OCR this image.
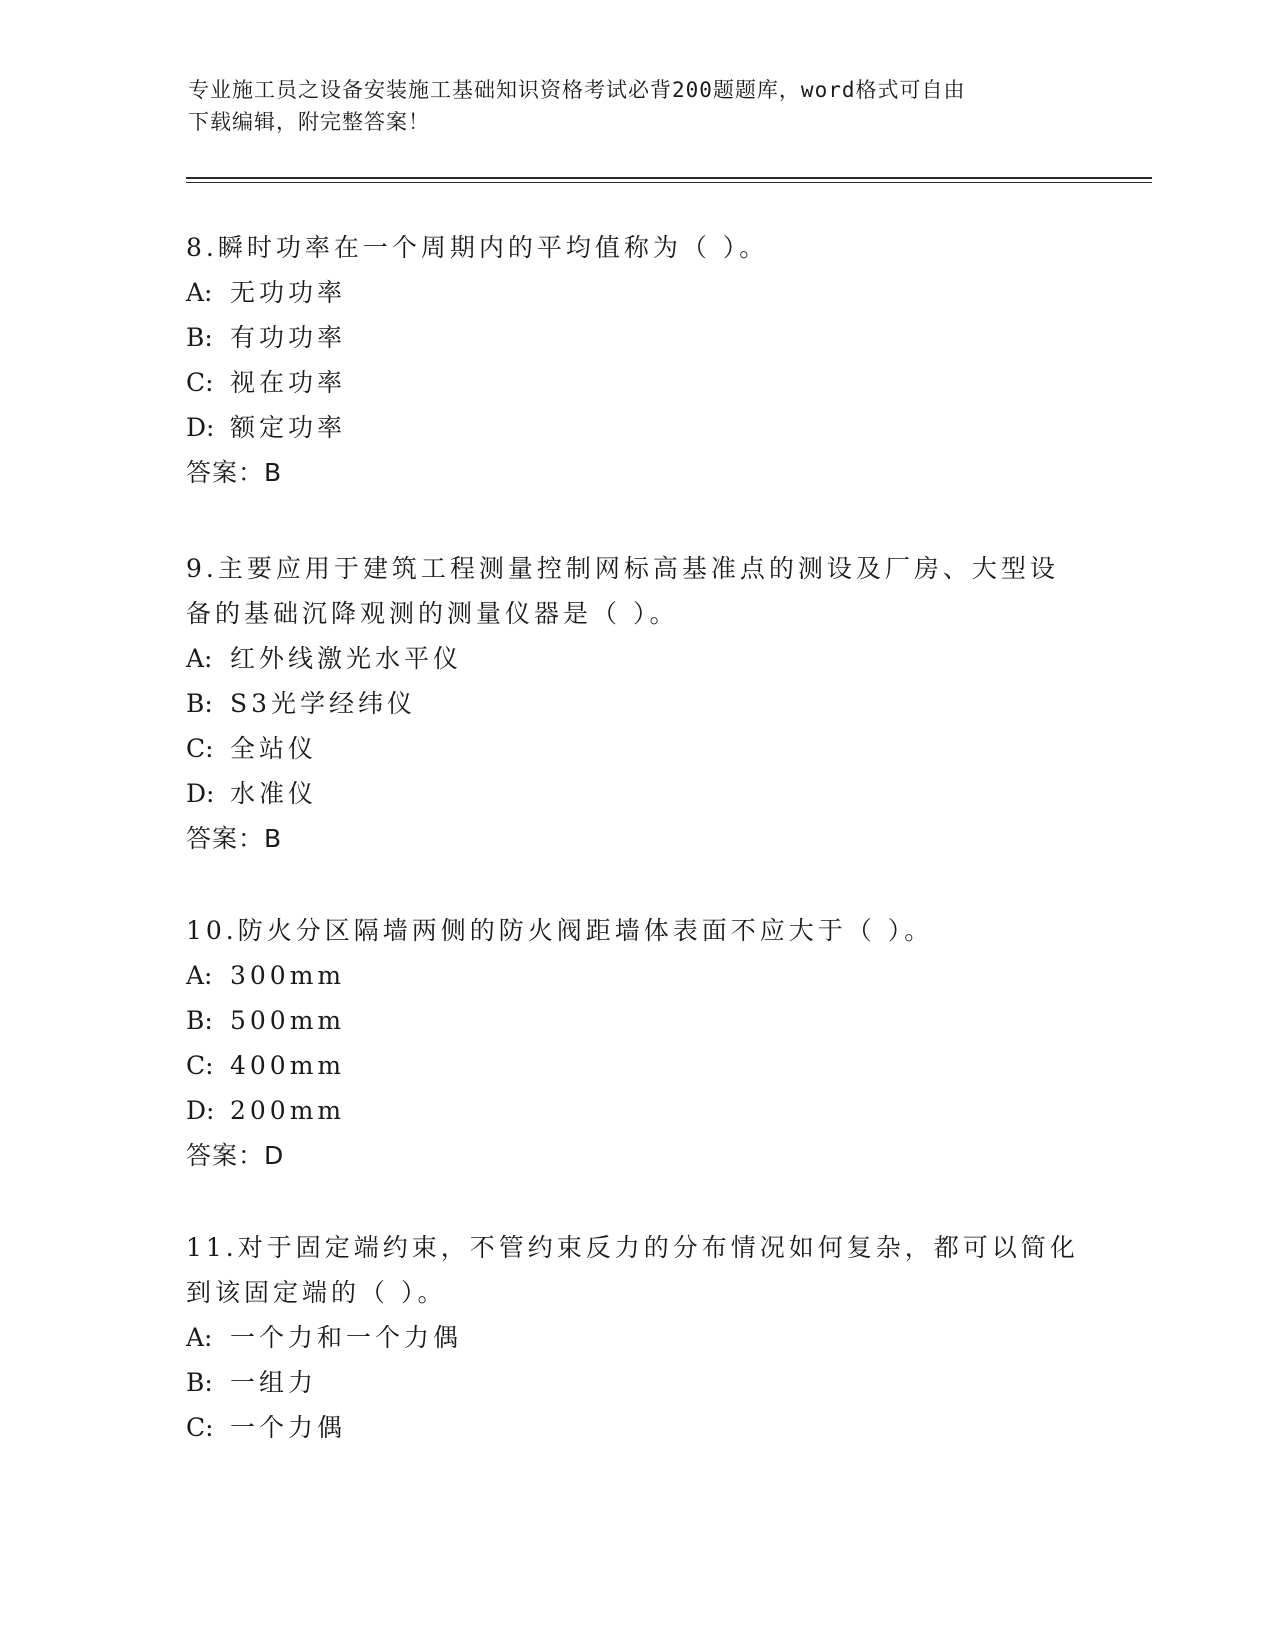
专业施工员之设备安装施工基础知识资格考试必背200题题库，word格式可自由
下载编辑，附完整答案！

8.瞬时功率在一个周期内的平均值称为（ ）。

A: 无功功率

B: 有功功率

C: 视在功率

D: 额定功率

答案：B

9.主要应用于建筑工程测量控制网标高基准点的测设及厂房、大型设

备的基础沉降观测的测量仪器是（ ）。

A: 红外线激光水平仪

B: S3光学经纬仪

C: 全站仪

D: 水准仪

答案：B

10.防火分区隔墙两侧的防火阀距墙体表面不应大于（ ）。

A: 300mm

B: 500mm

C: 400mm

D: 200mm

答案：D

11.对于固定端约束，不管约束反力的分布情况如何复杂，都可以简化

到该固定端的（ ）。

A: 一个力和一个力偶

B: 一组力

C: 一个力偶
